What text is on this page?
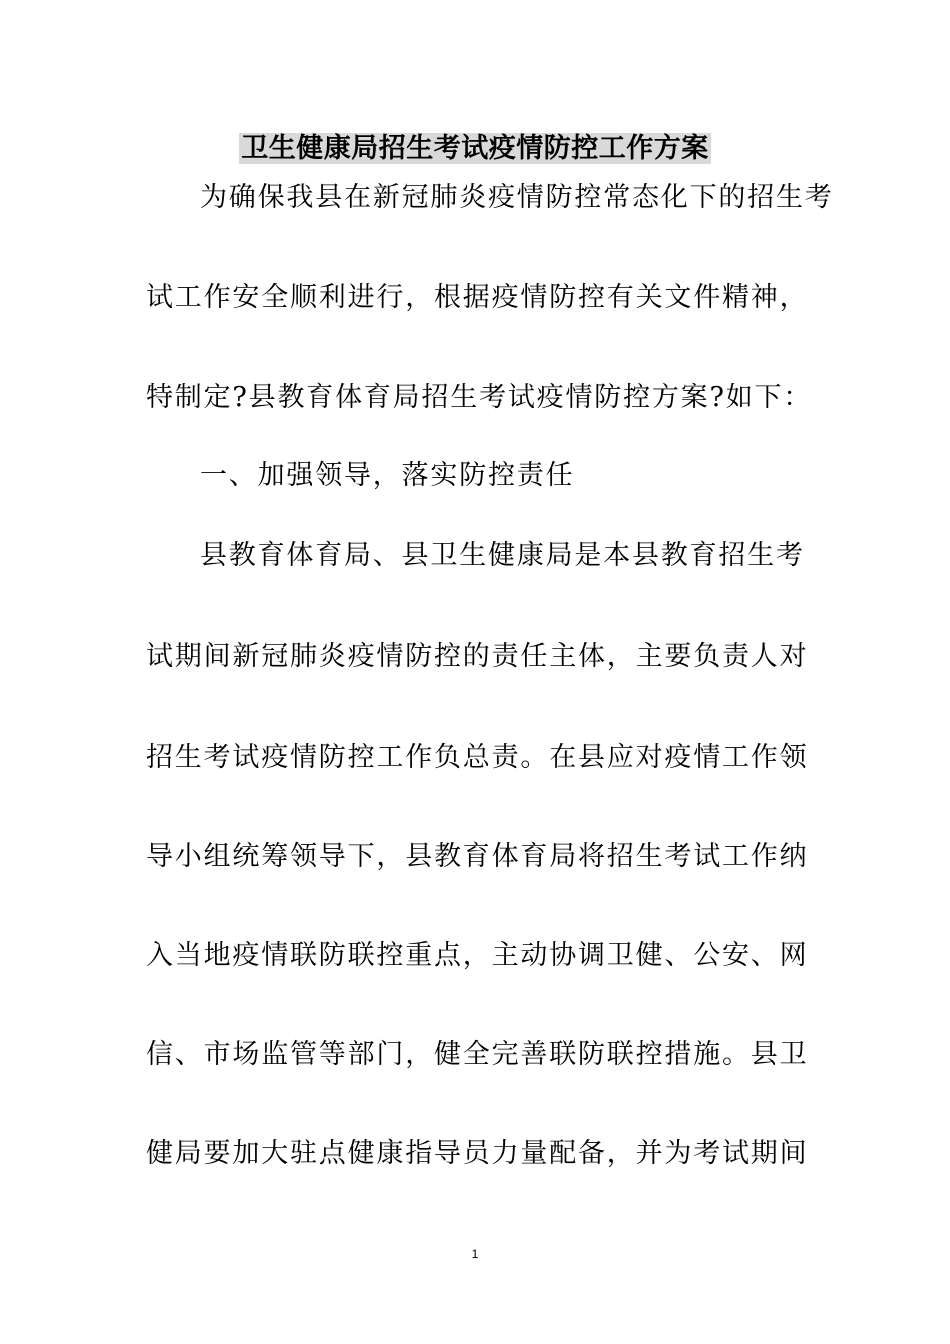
卫生健康局招生考试疫情防控工作方案
为确保我县在新冠肺炎疫情防控常态化下的招生考
试工作安全顺利进行，根据疫情防控有关文件精神，
特制定?县教育体育局招生考试疫情防控方案?如下：
一、加强领导，落实防控责任
县教育体育局、县卫生健康局是本县教育招生考
试期间新冠肺炎疫情防控的责任主体，主要负责人对
招生考试疫情防控工作负总责。在县应对疫情工作领
导小组统筹领导下，县教育体育局将招生考试工作纳
入当地疫情联防联控重点，主动协调卫健、公安、网
信、市场监管等部门，健全完善联防联控措施。县卫
健局要加大驻点健康指导员力量配备，并为考试期间
1
